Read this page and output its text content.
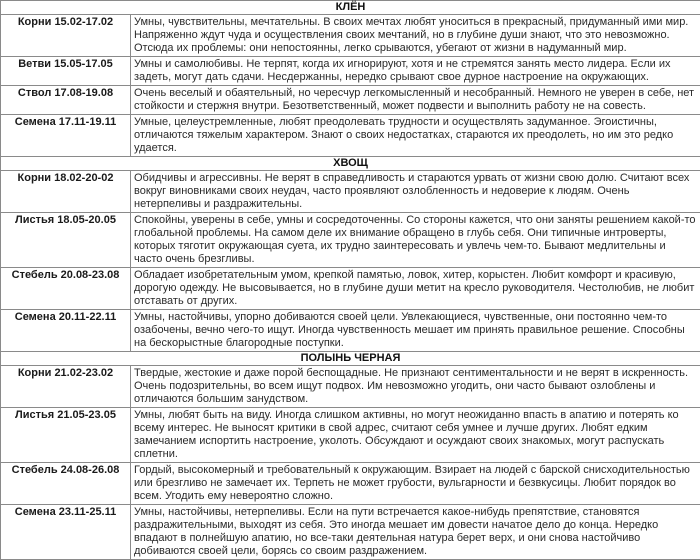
КЛЁН	
Корни 15.02-17.02	Умны, чувствительны, мечтательны. В своих мечтах любят уноситься в прекрасный, придуманный ими мир. Напряженно ждут чуда и осуществления своих мечтаний, но в глубине души знают, что это невозможно. Отсюда их проблемы: они непостоянны, легко срываются, убегают от жизни в надуманный мир.
Ветви 15.05-17.05	Умны и самолюбивы. Не терпят, когда их игнорируют, хотя и не стремятся занять место лидера. Если их задеть, могут дать сдачи. Несдержанны, нередко срывают свое дурное настроение на окружающих.
Ствол 17.08-19.08	Очень веселый и обаятельный, но чересчур легкомысленный и несобранный. Немного не уверен в себе, нет стойкости и стержня внутри. Безответственный, может подвести и выполнить работу не на совесть.
Семена 17.11-19.11	Умные, целеустремленные, любят преодолевать трудности и осуществлять задуманное. Эгоистичны, отличаются тяжелым характером. Знают о своих недостатках, стараются их преодолеть, но им это редко удается.
ХВОЩ	
Корни 18.02-20-02	Обидчивы и агрессивны. Не верят в справедливость и стараются урвать от жизни свою долю. Считают всех вокруг виновниками своих неудач, часто проявляют озлобленность и недоверие к людям. Очень нетерпеливы и раздражительны.
Листья 18.05-20.05	Спокойны, уверены в себе, умны и сосредоточенны. Со стороны кажется, что они заняты решением какой-то глобальной проблемы. На самом деле их внимание обращено в глубь себя. Они типичные интроверты, которых тяготит окружающая суета, их трудно заинтересовать и увлечь чем-то. Бывают медлительны и часто очень брезгливы.
Стебель 20.08-23.08	Обладает изобретательным умом, крепкой памятью, ловок, хитер, корыстен. Любит комфорт и красивую, дорогую одежду. Не высовывается, но в глубине души метит на кресло руководителя. Честолюбив, не любит отставать от других.
Семена 20.11-22.11	Умны, настойчивы, упорно добиваются своей цели. Увлекающиеся, чувственные, они постоянно чем-то озабочены, вечно чего-то ищут. Иногда чувственность мешает им принять правильное решение. Способны на бескорыстные благородные поступки.
ПОЛЫНЬ ЧЕРНАЯ	
Корни 21.02-23.02	Твердые, жестокие и даже порой беспощадные. Не признают сентиментальности и не верят в искренность. Очень подозрительны, во всем ищут подвох. Им невозможно угодить, они часто бывают озлоблены и отличаются большим занудством.
Листья 21.05-23.05	Умны, любят быть на виду. Иногда слишком активны, но могут неожиданно впасть в апатию и потерять ко всему интерес. Не выносят критики в свой адрес, считают себя умнее и лучше других. Любят едким замечанием испортить настроение, уколоть. Обсуждают и осуждают своих знакомых, могут распускать сплетни.
Стебель 24.08-26.08	Гордый, высокомерный и требовательный к окружающим. Взирает на людей с барской снисходительностью или брезгливо не замечает их. Терпеть не может грубости, вульгарности и безвкусицы. Любит порядок во всем. Угодить ему невероятно сложно.
Семена 23.11-25.11	Умны, настойчивы, нетерпеливы. Если на пути встречается какое-нибудь препятствие, становятся раздражительными, выходят из себя. Это иногда мешает им довести начатое дело до конца. Нередко впадают в полнейшую апатию, но все-таки деятельная натура берет верх, и они снова настойчиво добиваются своей цели, борясь со своим раздражением.
